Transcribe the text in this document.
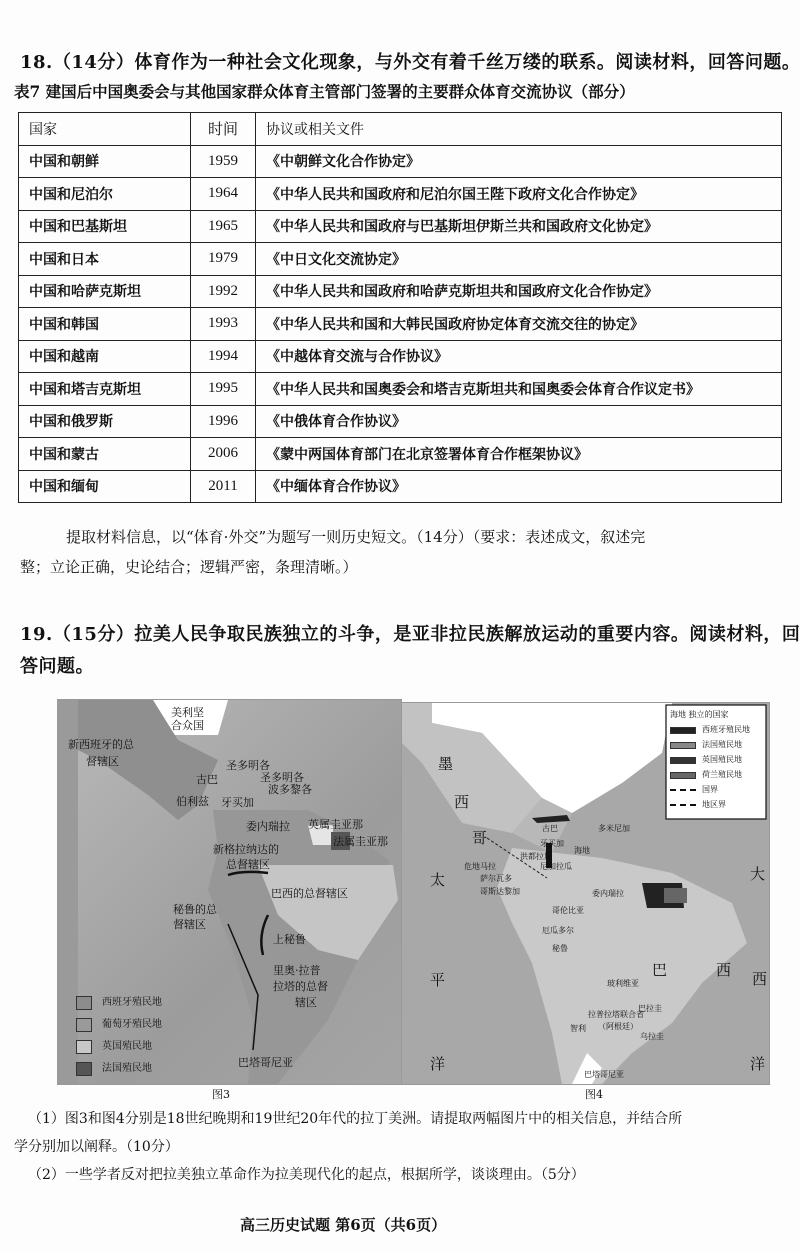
18.（14分）体育作为一种社会文化现象，与外交有着千丝万缕的联系。阅读材料，回答问题。
表7 建国后中国奥委会与其他国家群众体育主管部门签署的主要群众体育交流协议（部分）
国家	时间	协议或相关文件
中国和朝鲜	1959	《中朝鲜文化合作协定》
中国和尼泊尔	1964	《中华人民共和国政府和尼泊尔国王陛下政府文化合作协定》
中国和巴基斯坦	1965	《中华人民共和国政府与巴基斯坦伊斯兰共和国政府文化协定》
中国和日本	1979	《中日文化交流协定》
中国和哈萨克斯坦	1992	《中华人民共和国政府和哈萨克斯坦共和国政府文化合作协定》
中国和韩国	1993	《中华人民共和国和大韩民国政府协定体育交流交往的协定》
中国和越南	1994	《中越体育交流与合作协议》
中国和塔吉克斯坦	1995	《中华人民共和国奥委会和塔吉克斯坦共和国奥委会体育合作议定书》
中国和俄罗斯	1996	《中俄体育合作协议》
中国和蒙古	2006	《蒙中两国体育部门在北京签署体育合作框架协议》
中国和缅甸	2011	《中缅体育合作协议》
提取材料信息，以“体育·外交”为题写一则历史短文。（14分）（要求：表述成文，叙述完
整；立论正确，史论结合；逻辑严密，条理清晰。）
19.（15分）拉美人民争取民族独立的斗争，是亚非拉民族解放运动的重要内容。阅读材料，回
答问题。
美利坚
合众国
新西班牙的总
督辖区	圣多明各
古巴	圣多明各
波多黎各
伯利兹 牙买加
委内瑞拉 英属圭亚那
法属圭亚那
新格拉纳达的
总督辖区
巴西的总督辖区
秘鲁的总
督辖区
上秘鲁
里奥·拉普
拉塔的总督
辖区
巴塔哥尼亚
西班牙殖民地
葡萄牙殖民地
英国殖民地
法国殖民地
图3
墨
西
哥
太
平
洋
大
西
洋
巴	西
古巴	多米尼加
牙买加
海地
洪都拉斯
危地马拉	尼加拉瓜
萨尔瓦多
哥斯达黎加	委内瑞拉
哥伦比亚
厄瓜多尔
秘鲁
玻利维亚
巴拉圭
乌拉圭
智利
拉普拉塔联合省
（阿根廷）
巴塔哥尼亚
海地 独立的国家
西班牙殖民地
法国殖民地
英国殖民地
荷兰殖民地
国界
地区界
图4
（1）图3和图4分别是18世纪晚期和19世纪20年代的拉丁美洲。请提取两幅图片中的相关信息，并结合所
学分别加以阐释。（10分）
（2）一些学者反对把拉美独立革命作为拉美现代化的起点，根据所学，谈谈理由。（5分）
高三历史试题 第6页（共6页）
